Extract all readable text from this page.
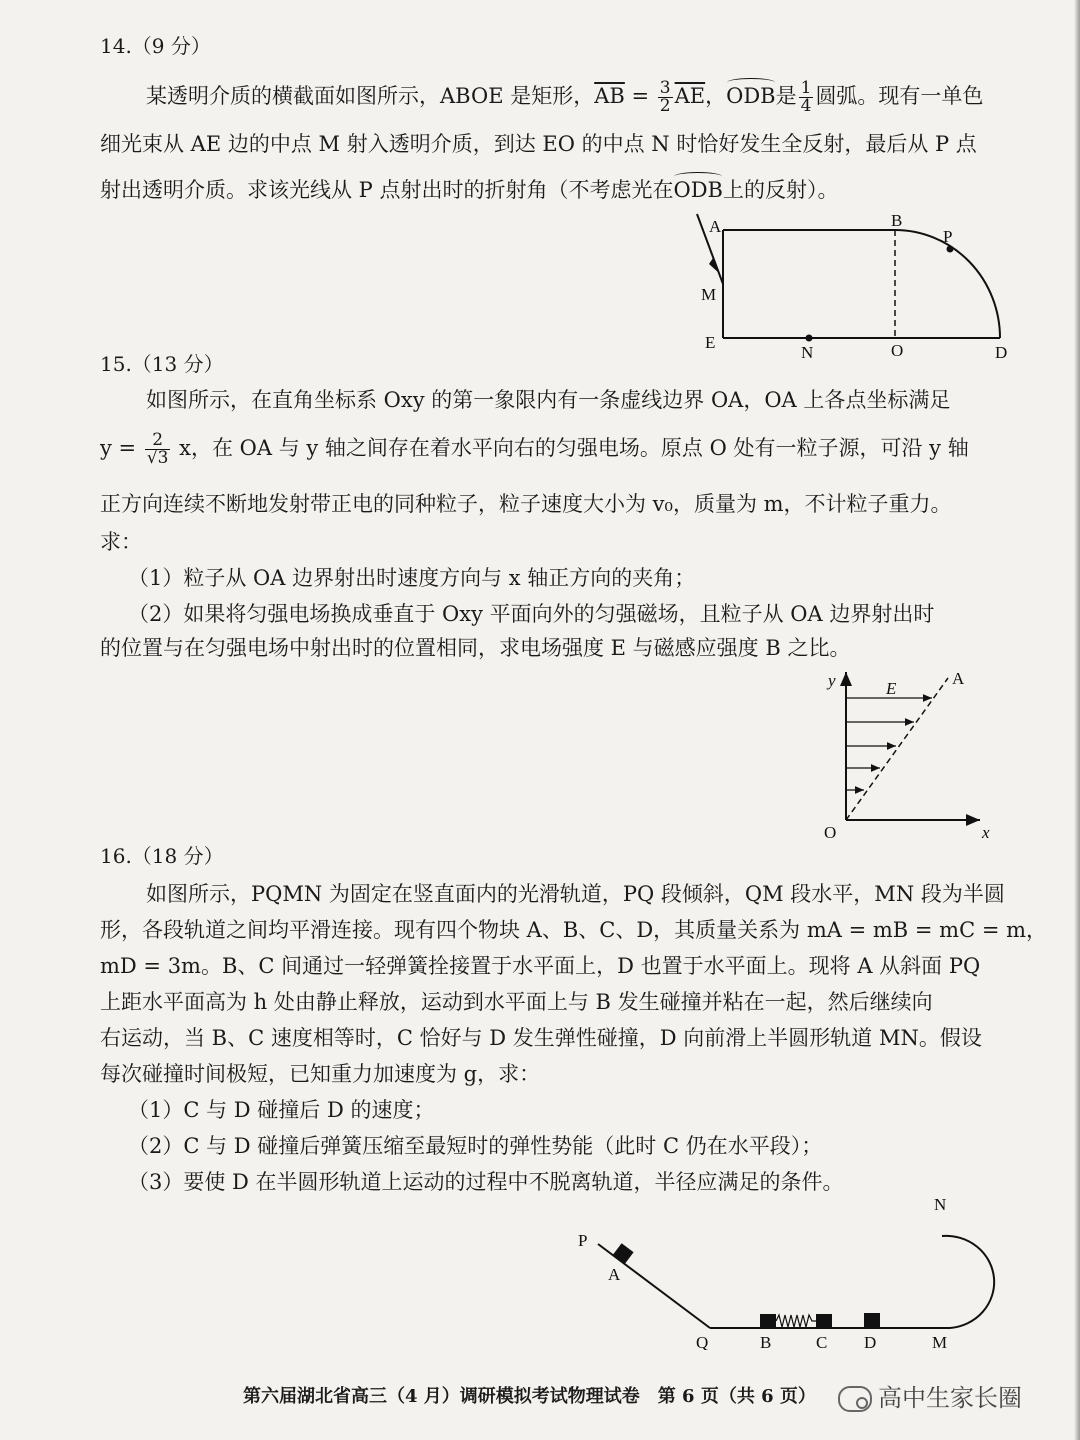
14.（9 分）
某透明介质的横截面如图所示，ABOE 是矩形，$\overline{AB} = \frac{3}{2} \overline{AE}$，ODB是 $\frac{1}{4}$ 圆弧。现有一单色
细光束从 AE 边的中点 M 射入透明介质，到达 EO 的中点 N 时恰好发生全反射，最后从 P 点
射出透明介质。求该光线从 P 点射出时的折射角（不考虑光在ODB上的反射）。
A	B
P
M
E
N	O	D
15.（13 分）
如图所示，在直角坐标系 Oxy 的第一象限内有一条虚线边界 OA，OA 上各点坐标满足
$y = \frac{2}{√3}$ x，在 OA 与 y 轴之间存在着水平向右的匀强电场。原点 O 处有一粒子源，可沿 y 轴
正方向连续不断地发射带正电的同种粒子，粒子速度大小为 v₀，质量为 m，不计粒子重力。
求：
（1）粒子从 OA 边界射出时速度方向与 x 轴正方向的夹角；
（2）如果将匀强电场换成垂直于 Oxy 平面向外的匀强磁场，且粒子从 OA 边界射出时
的位置与在匀强电场中射出时的位置相同，求电场强度 E 与磁感应强度 B 之比。
y	E
A
O	x
16.（18 分）
如图所示，PQMN 为固定在竖直面内的光滑轨道，PQ 段倾斜，QM 段水平，MN 段为半圆
形，各段轨道之间均平滑连接。现有四个物块 A、B、C、D，其质量关系为 mA = mB = mC = m，
mD = 3m。B、C 间通过一轻弹簧拴接置于水平面上，D 也置于水平面上。现将 A 从斜面 PQ
上距水平面高为 h 处由静止释放，运动到水平面上与 B 发生碰撞并粘在一起，然后继续向
右运动，当 B、C 速度相等时，C 恰好与 D 发生弹性碰撞，D 向前滑上半圆形轨道 MN。假设
每次碰撞时间极短，已知重力加速度为 g，求：
（1）C 与 D 碰撞后 D 的速度；
（2）C 与 D 碰撞后弹簧压缩至最短时的弹性势能（此时 C 仍在水平段）；
（3）要使 D 在半圆形轨道上运动的过程中不脱离轨道，半径应满足的条件。
P
A
Q	B	C D	M
N
第六届湖北省高三（4 月）调研模拟考试物理试卷　第 6 页（共 6 页）	高中生家长圈
